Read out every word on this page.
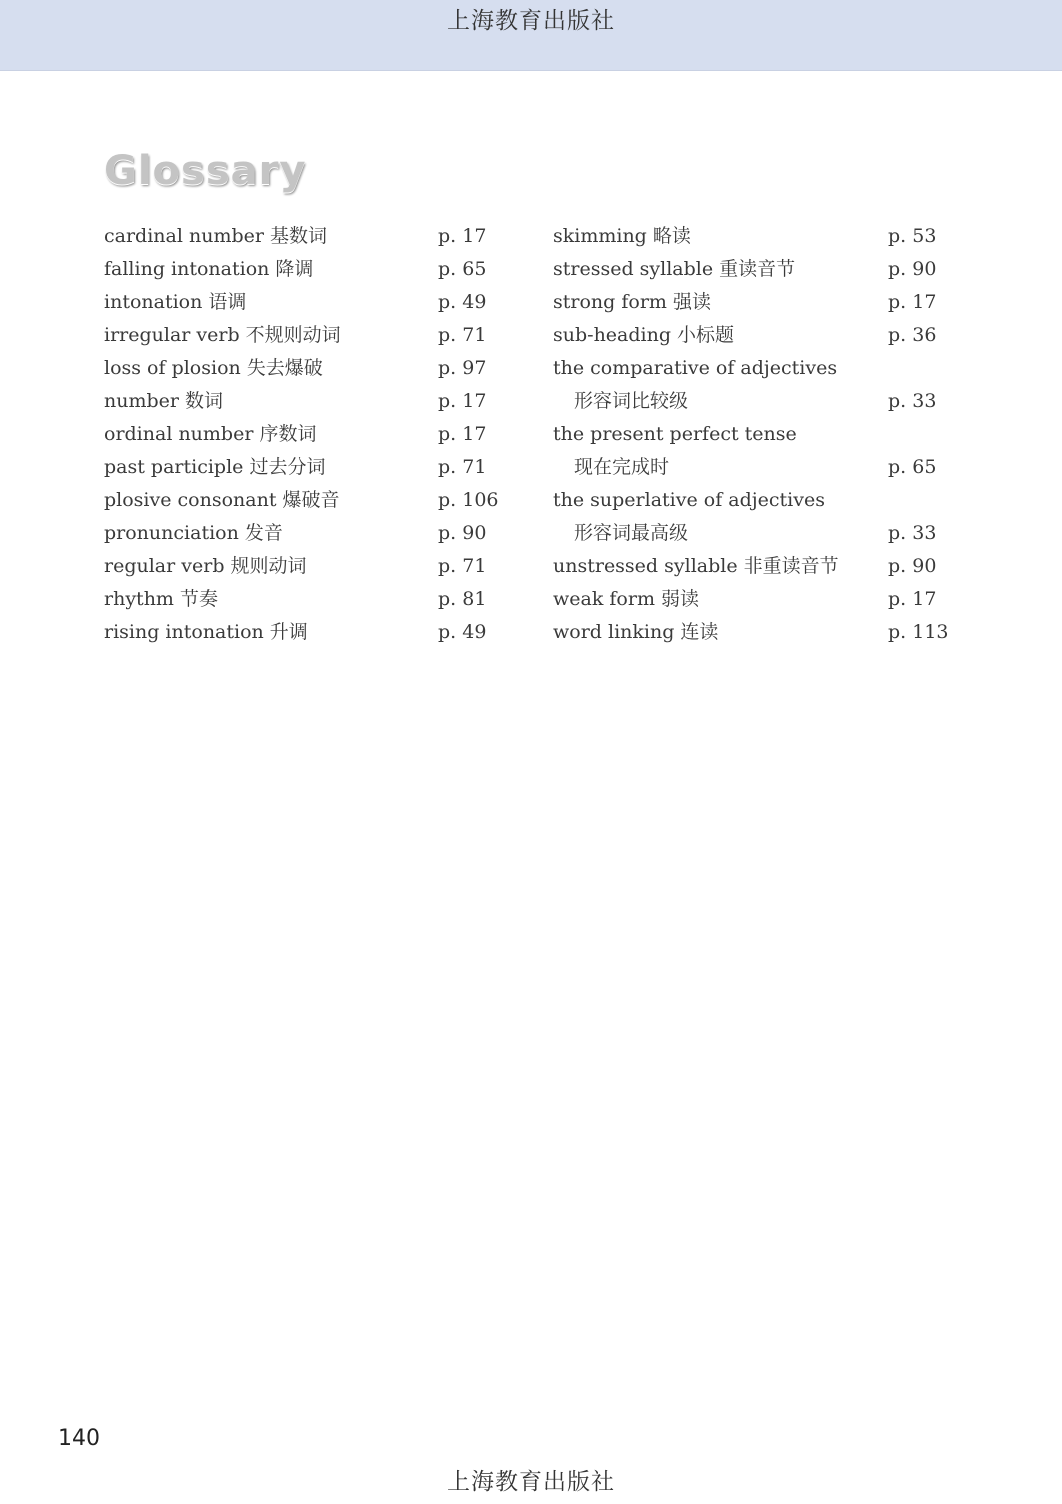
上海教育出版社
Glossary
cardinal number 基数词	p. 17
falling intonation 降调	p. 65
intonation 语调	p. 49
irregular verb 不规则动词	p. 71
loss of plosion 失去爆破	p. 97
number 数词	p. 17
ordinal number 序数词	p. 17
past participle 过去分词	p. 71
plosive consonant 爆破音	p. 106
pronunciation 发音	p. 90
regular verb 规则动词	p. 71
rhythm 节奏	p. 81
rising intonation 升调	p. 49
skimming 略读	p. 53
stressed syllable 重读音节	p. 90
strong form 强读	p. 17
sub-heading 小标题	p. 36
the comparative of adjectives
形容词比较级	p. 33
the present perfect tense
现在完成时	p. 65
the superlative of adjectives
形容词最高级	p. 33
unstressed syllable 非重读音节	p. 90
weak form 弱读	p. 17
word linking 连读	p. 113
140
上海教育出版社
